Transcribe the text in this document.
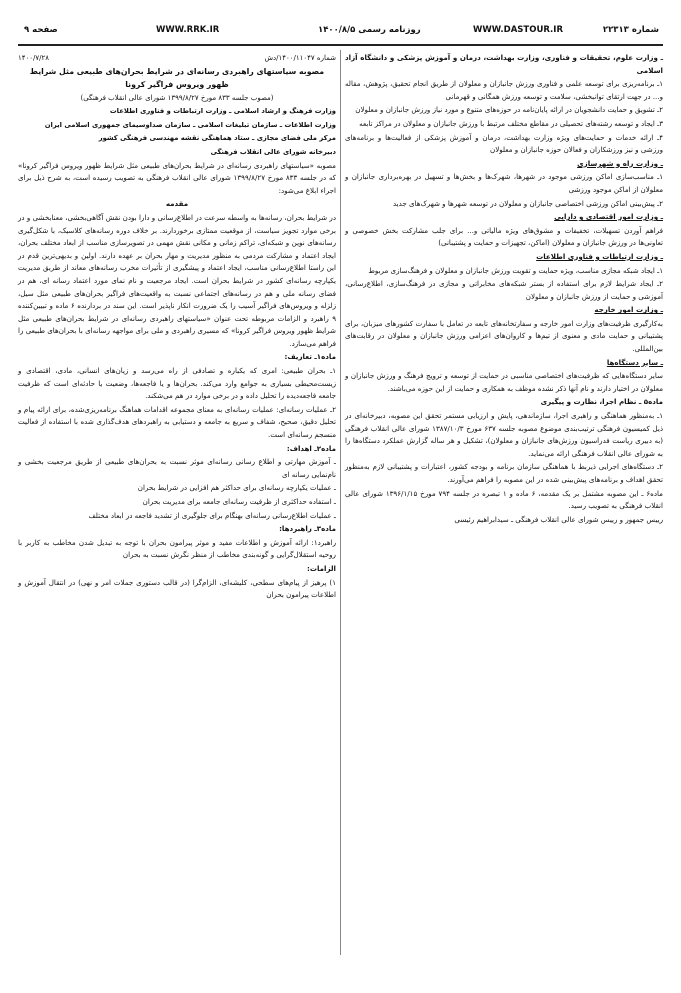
شماره ۲۲۳۱۳
WWW.DASTOUR.IR
روزنامه رسمی ۱۴۰۰/۸/۵
WWW.RRK.IR
صفحه ۹

ـ وزارت علوم، تحقیقات و فناوری، وزارت بهداشت، درمان و آموزش پزشکی و دانشگاه آزاد اسلامی

۱ـ برنامه‌ریزی برای توسعه علمی و فناوری ورزش جانبازان و معلولان از طریق انجام تحقیق، پژوهش، مقاله و... در جهت ارتقای توانبخشی، سلامت و توسعه ورزش همگانی و قهرمانی

۲ـ تشویق و حمایت دانشجویان در ارائه پایان‌نامه در حوزه‌های متنوع و مورد نیاز ورزش جانبازان و معلولان

۳ـ ایجاد و توسعه رشته‌های تحصیلی در مقاطع مختلف مرتبط با ورزش جانبازان و معلولان در مراکز تابعه

۴ـ ارائه خدمات و حمایت‌های ویژه وزارت بهداشت، درمان و آموزش پزشکی از فعالیت‌ها و برنامه‌های ورزشی و نیز ورزشکاران و فعالان حوزه جانبازان و معلولان

ـ وزارت راه و شهرسازی

۱ـ مناسب‌سازی اماکن ورزشی موجود در شهرها، شهرک‌ها و بخش‌ها و تسهیل در بهره‌برداری جانبازان و معلولان از اماکن موجود ورزشی

۲ـ پیش‌بینی اماکن ورزشی اختصاصی جانبازان و معلولان در توسعه شهرها و شهرک‌های جدید

ـ وزارت امور اقتصادی و دارایی

فراهم آوردن تسهیلات، تخفیفات و مشوق‌های ویژه مالیاتی و... برای جلب مشارکت بخش خصوصی و تعاونی‌ها در ورزش جانبازان و معلولان (اماکن، تجهیزات و حمایت و پشتیبانی)

ـ وزارت ارتباطات و فناوری اطلاعات

۱ـ ایجاد شبکه مجازی مناسب، ویژه حمایت و تقویت ورزش جانبازان و معلولان و فرهنگ‌سازی مربوط

۲ـ ایجاد شرایط لازم برای استفاده از بستر شبکه‌های مخابراتی و مجازی در فرهنگ‌سازی، اطلاع‌رسانی، آموزشی و حمایت از ورزش جانبازان و معلولان

ـ وزارت امور خارجه

به‌کارگیری ظرفیت‌های وزارت امور خارجه و سفارتخانه‌های تابعه در تعامل با سفارت کشورهای میزبان، برای پشتیبانی و حمایت مادی و معنوی از تیم‌ها و کاروان‌های اعزامی ورزش جانبازان و معلولان در رقابت‌های بین‌المللی.

ـ سایر دستگاه‌ها

سایر دستگاه‌هایی که ظرفیت‌های اختصاصی مناسبی در حمایت از توسعه و ترویج فرهنگ و ورزش جانبازان و معلولان در اختیار دارند و نام آنها ذکر نشده موظف به همکاری و حمایت از این حوزه می‌باشند.

ماده۵ ـ نظام اجرا، نظارت و پیگیری

۱ـ به‌منظور هماهنگی و راهبری اجرا، سازماندهی، پایش و ارزیابی مستمر تحقق این مصوبه، دبیرخانه‌ای در ذیل کمیسیون فرهنگی ترتیب‌بندی موضوع مصوبه جلسه ۶۳۷ مورخ ۱۳۸۷/۱۰/۳ شورای عالی انقلاب فرهنگی (به دبیری ریاست فدراسیون ورزش‌های جانبازان و معلولان)، تشکیل و هر ساله گزارش عملکرد دستگاه‌ها را به شورای عالی انقلاب فرهنگی ارائه می‌نماید.

۲ـ دستگاه‌های اجرایی ذیربط با هماهنگی سازمان برنامه و بودجه کشور، اعتبارات و پشتیبانی لازم به‌منظور تحقق اهداف و برنامه‌های پیش‌بینی شده در این مصوبه را فراهم می‌آورند.

ماده۶ ـ این مصوبه مشتمل بر یک مقدمه، ۶ ماده و ۱ تبصره در جلسه ۷۹۴ مورخ ۱۳۹۶/۱/۱۵ شورای عالی انقلاب فرهنگی به تصویب رسید.

رییس جمهور و رییس شورای عالی انقلاب فرهنگی ـ سیدابراهیم رئیسی

شماره ۱۴۰۰/۱۱۰۴۷/دش
۱۴۰۰/۷/۲۸

مصوبه سیاستهای راهبردی رسانه‌ای در شرایط بحران‌های طبیعی مثل شرایط ظهور ویروس فراگیر کرونا

(مصوب جلسه ۸۳۳ مورخ ۱۳۹۹/۸/۲۷ شورای عالی انقلاب فرهنگی)

وزارت فرهنگ و ارشاد اسلامی ـ وزارت ارتباطات و فناوری اطلاعات

وزارت اطلاعات ـ سازمان تبلیغات اسلامی ـ سازمان صداوسیمای جمهوری اسلامی ایران

مرکز ملی فضای مجازی ـ ستاد هماهنگی نقشه مهندسی فرهنگی کشور

دبیرخانه شورای عالی انقلاب فرهنگی

مصوبه «سیاستهای راهبردی رسانه‌ای در شرایط بحران‌های طبیعی مثل شرایط ظهور ویروس فراگیر کرونا» که در جلسه ۸۳۳ مورخ ۱۳۹۹/۸/۲۷ شورای عالی انقلاب فرهنگی به تصویب رسیده است، به شرح ذیل برای اجراء ابلاغ می‌شود:

مقدمه

در شرایط بحران، رسانه‌ها به واسطه سرعت در اطلاع‌رسانی و دارا بودن نقش آگاهی‌بخشی، معنابخشی و در برخی موارد تجویز سیاست، از موقعیت ممتازی برخوردارند. بر خلاف دوره رسانه‌های کلاسیک، با شکل‌گیری رسانه‌های نوین و شبکه‌ای، تراکم زمانی و مکانی نقش مهمی در تصویرسازی مناسب از ابعاد مختلف بحران، ایجاد اعتماد و مشارکت مردمی به منظور مدیریت و مهار بحران بر عهده دارند. اولین و بدیهی‌ترین قدم در این راستا اطلاع‌رسانی مناسب، ایجاد اعتماد و پیشگیری از تأثیرات مخرب رسانه‌های معاند از طریق مدیریت یکپارچه رسانه‌ای کشور در شرایط بحران است. ایجاد مرجعیت و نام نمای مورد اعتماد رسانه ای، هم در فضای رسانه ملی و هم در رسانه‌های اجتماعی نسبت به واقعیت‌های فراگیر بحران‌های طبیعی مثل سیل، زلزله و ویروس‌های فراگیر آسیب را یک ضرورت انکار ناپذیر است. این سند در بردارنده ۶ ماده و تبیین‌کننده ۹ راهبرد و الزامات مربوطه تحت عنوان «سیاستهای راهبردی رسانه‌ای در شرایط بحران‌های طبیعی مثل شرایط ظهور ویروس فراگیر کرونا» که مسیری راهبردی و ملی برای مواجهه رسانه‌ای با بحران‌های طبیعی را فراهم می‌سازد.

ماده۱ـ تعاریف:

۱ـ بحران طبیعی: امری که یکباره و تصادفی از راه می‌رسد و زیان‌های انسانی، مادی، اقتصادی و زیست‌محیطی بسیاری به جوامع وارد می‌کند. بحران‌ها و یا فاجعه‌ها، وضعیت یا حادثه‌ای است که ظرفیت جامعه فاجعه‌دیده را تحلیل داده و در برخی موارد در هم می‌شکند.

۲ـ عملیات رسانه‌ای: عملیات رسانه‌ای به معنای مجموعه اقدامات هماهنگ برنامه‌ریزی‌شده، برای ارائه پیام و تحلیل دقیق، صحیح، شفاف و سریع به جامعه و دستیابی به راهبردهای هدف‌گذاری شده با استفاده از فعالیت منسجم رسانه‌ای است.

ماده۲ـ اهداف:

ـ آموزش مهارتی و اطلاع رسانی رسانه‌ای موثر نسبت به بحران‌های طبیعی از طریق مرجعیت بخشی و نام‌نمایی رسانه ای

ـ عملیات یکپارچه رسانه‌ای برای حداکثر هم افزایی در شرایط بحران

ـ استفاده حداکثری از ظرفیت رسانه‌ای جامعه برای مدیریت بحران

ـ عملیات اطلاع‌رسانی رسانه‌ای بهنگام برای جلوگیری از تشدید فاجعه در ابعاد مختلف

ماده۳ـ راهبردها:

راهبرد۱: ارائه آموزش و اطلاعات مفید و موثر پیرامون بحران با توجه به تبدیل شدن مخاطب به کاربر با روحیه استقلال‌گرایی و گونه‌بندی مخاطب از منظر نگرش نسبت به بحران

الزامات:

۱) پرهیز از پیام‌های سطحی، کلیشه‌ای، الزام‌گرا (در قالب دستوری جملات امر و نهی) در انتقال آموزش و اطلاعات پیرامون بحران
